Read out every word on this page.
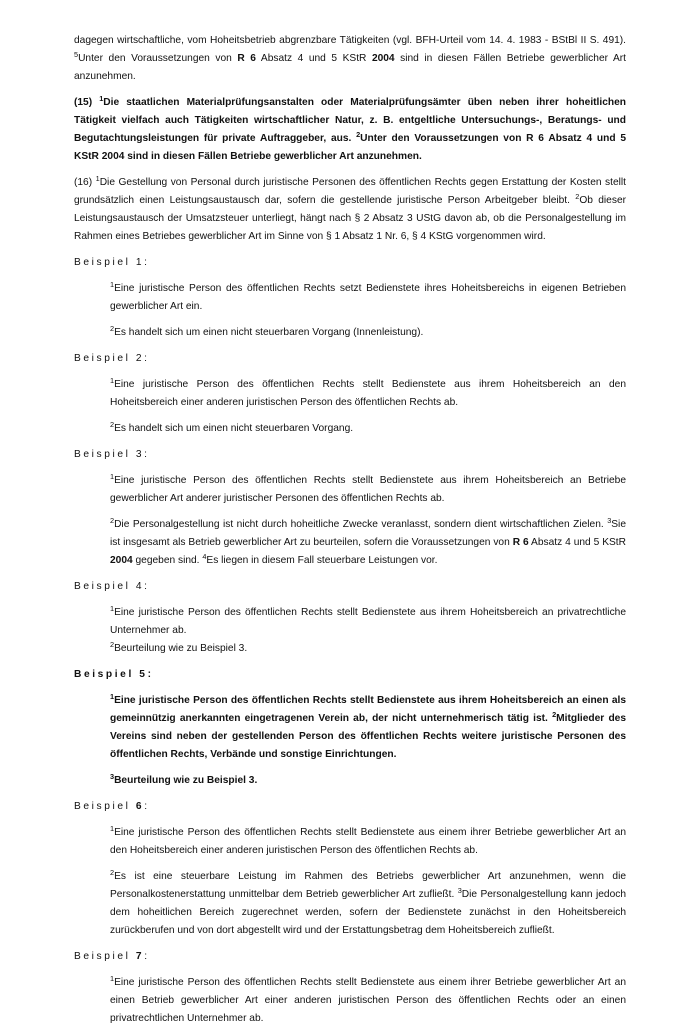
dagegen wirtschaftliche, vom Hoheitsbetrieb abgrenzbare Tätigkeiten (vgl. BFH-Urteil vom 14. 4. 1983 - BStBl II S. 491). $^5$Unter den Voraussetzungen von R 6 Absatz 4 und 5 KStR 2004 sind in diesen Fällen Betriebe gewerblicher Art anzunehmen.

(15) $^1$Die staatlichen Materialprüfungsanstalten oder Materialprüfungsämter üben neben ihrer hoheitlichen Tätigkeit vielfach auch Tätigkeiten wirtschaftlicher Natur, z. B. entgeltliche Untersuchungs-, Beratungs- und Begutachtungsleistungen für private Auftraggeber, aus. $^2$Unter den Voraussetzungen von R 6 Absatz 4 und 5 KStR 2004 sind in diesen Fällen Betriebe gewerblicher Art anzunehmen.

(16) $^1$Die Gestellung von Personal durch juristische Personen des öffentlichen Rechts gegen Erstattung der Kosten stellt grundsätzlich einen Leistungsaustausch dar, sofern die gestellende juristische Person Arbeitgeber bleibt. $^2$Ob dieser Leistungsaustausch der Umsatzsteuer unterliegt, hängt nach § 2 Absatz 3 UStG davon ab, ob die Personalgestellung im Rahmen eines Betriebes gewerblicher Art im Sinne von § 1 Absatz 1 Nr. 6, § 4 KStG vorgenommen wird.

Beispiel 1:

$^1$Eine juristische Person des öffentlichen Rechts setzt Bedienstete ihres Hoheitsbereichs in eigenen Betrieben gewerblicher Art ein.

$^2$Es handelt sich um einen nicht steuerbaren Vorgang (Innenleistung).

Beispiel 2:

$^1$Eine juristische Person des öffentlichen Rechts stellt Bedienstete aus ihrem Hoheitsbereich an den Hoheitsbereich einer anderen juristischen Person des öffentlichen Rechts ab.

$^2$Es handelt sich um einen nicht steuerbaren Vorgang.

Beispiel 3:

$^1$Eine juristische Person des öffentlichen Rechts stellt Bedienstete aus ihrem Hoheitsbereich an Betriebe gewerblicher Art anderer juristischer Personen des öffentlichen Rechts ab.

$^2$Die Personalgestellung ist nicht durch hoheitliche Zwecke veranlasst, sondern dient wirtschaftlichen Zielen. $^3$Sie ist insgesamt als Betrieb gewerblicher Art zu beurteilen, sofern die Voraussetzungen von R 6 Absatz 4 und 5 KStR 2004 gegeben sind. $^4$Es liegen in diesem Fall steuerbare Leistungen vor.

Beispiel 4:

$^1$Eine juristische Person des öffentlichen Rechts stellt Bedienstete aus ihrem Hoheitsbereich an privatrechtliche Unternehmer ab.

$^2$Beurteilung wie zu Beispiel 3.

Beispiel 5:

$^1$Eine juristische Person des öffentlichen Rechts stellt Bedienstete aus ihrem Hoheitsbereich an einen als gemeinnützig anerkannten eingetragenen Verein ab, der nicht unternehmerisch tätig ist. $^2$Mitglieder des Vereins sind neben der gestellenden Person des öffentlichen Rechts weitere juristische Personen des öffentlichen Rechts, Verbände und sonstige Einrichtungen.

$^3$Beurteilung wie zu Beispiel 3.

Beispiel 6:

$^1$Eine juristische Person des öffentlichen Rechts stellt Bedienstete aus einem ihrer Betriebe gewerblicher Art an den Hoheitsbereich einer anderen juristischen Person des öffentlichen Rechts ab.

$^2$Es ist eine steuerbare Leistung im Rahmen des Betriebs gewerblicher Art anzunehmen, wenn die Personalkostenerstattung unmittelbar dem Betrieb gewerblicher Art zufließt. $^3$Die Personalgestellung kann jedoch dem hoheitlichen Bereich zugerechnet werden, sofern der Bedienstete zunächst in den Hoheitsbereich zurückberufen und von dort abgestellt wird und der Erstattungsbetrag dem Hoheitsbereich zufließt.

Beispiel 7:

$^1$Eine juristische Person des öffentlichen Rechts stellt Bedienstete aus einem ihrer Betriebe gewerblicher Art an einen Betrieb gewerblicher Art einer anderen juristischen Person des öffentlichen Rechts oder an einen privatrechtlichen Unternehmer ab.
